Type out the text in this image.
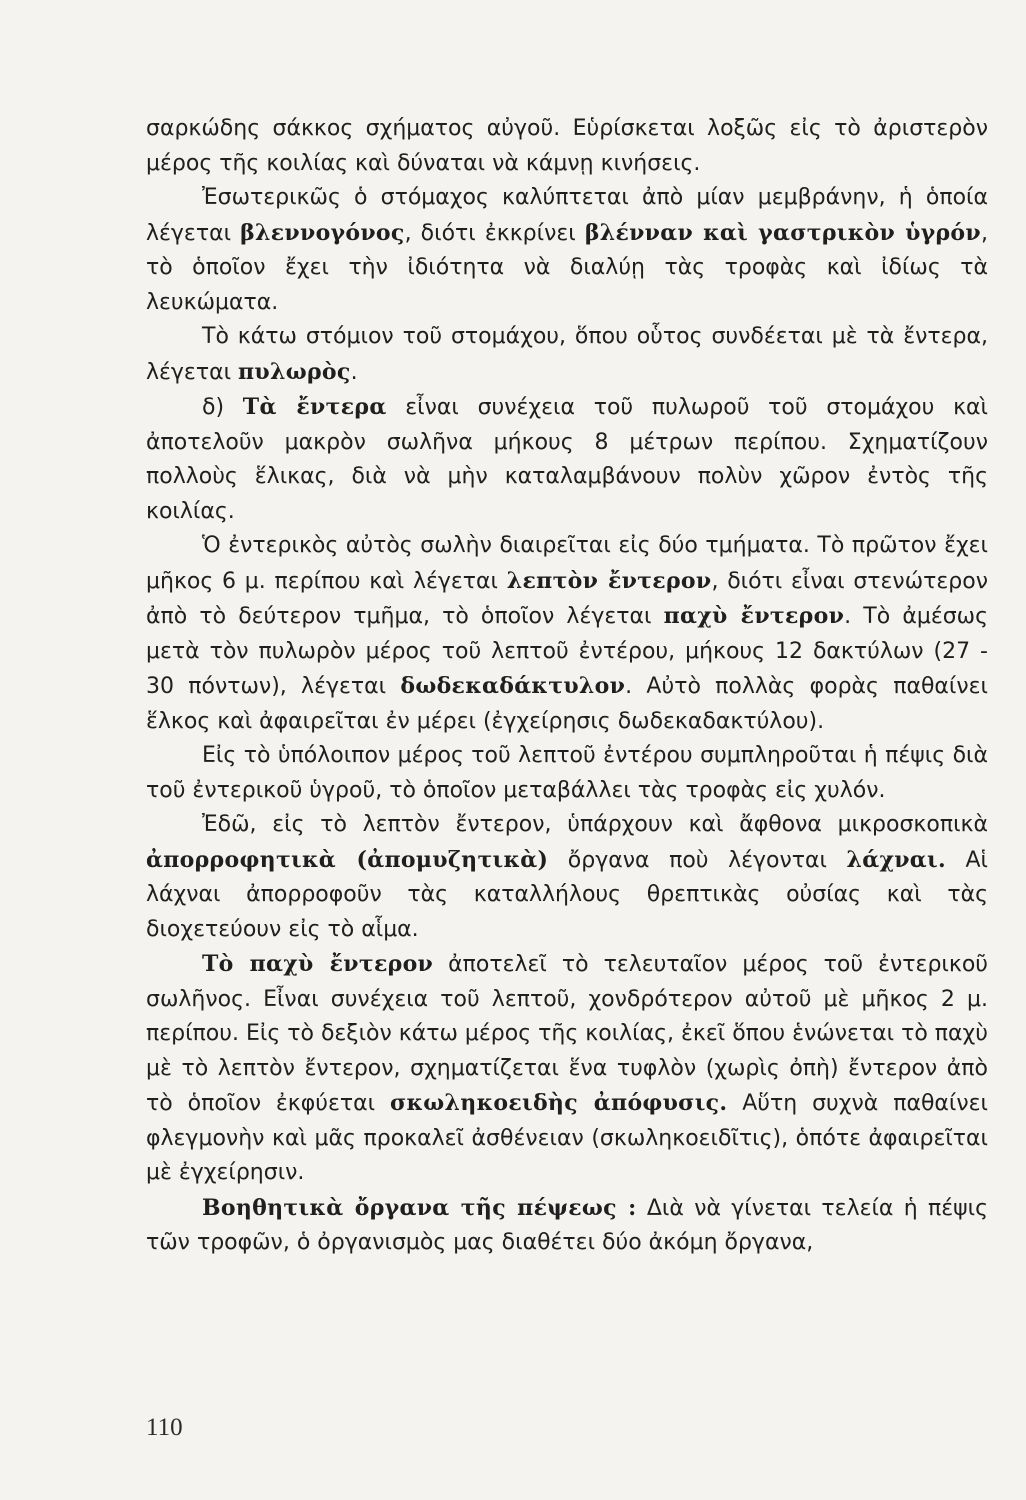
σαρκώδης σάκκος σχήματος αὐγοῦ. Εὑρίσκεται λοξῶς εἰς τὸ ἀριστερὸν μέρος τῆς κοιλίας καὶ δύναται νὰ κάμνῃ κινήσεις.

Ἐσωτερικῶς ὁ στόμαχος καλύπτεται ἀπὸ μίαν μεμβράνην, ἡ ὁποία λέγεται βλεννογόνος, διότι ἐκκρίνει βλένναν καὶ γαστρικὸν ὑγρόν, τὸ ὁποῖον ἔχει τὴν ἰδιότητα νὰ διαλύῃ τὰς τροφὰς καὶ ἰδίως τὰ λευκώματα.

Τὸ κάτω στόμιον τοῦ στομάχου, ὅπου οὗτος συνδέεται μὲ τὰ ἔντερα, λέγεται πυλωρὸς.

δ) Τὰ ἔντερα εἶναι συνέχεια τοῦ πυλωροῦ τοῦ στομάχου καὶ ἀποτελοῦν μακρὸν σωλῆνα μήκους 8 μέτρων περίπου. Σχηματίζουν πολλοὺς ἕλικας, διὰ νὰ μὴν καταλαμβάνουν πολὺν χῶρον ἐντὸς τῆς κοιλίας.

Ὁ ἐντερικὸς αὐτὸς σωλὴν διαιρεῖται εἰς δύο τμήματα. Τὸ πρῶτον ἔχει μῆκος 6 μ. περίπου καὶ λέγεται λεπτὸν ἔντερον, διότι εἶναι στενώτερον ἀπὸ τὸ δεύτερον τμῆμα, τὸ ὁποῖον λέγεται παχὺ ἔντερον. Τὸ ἀμέσως μετὰ τὸν πυλωρὸν μέρος τοῦ λεπτοῦ ἐντέρου, μήκους 12 δακτύλων (27 - 30 πόντων), λέγεται δωδεκαδάκτυλον. Αὐτὸ πολλὰς φορὰς παθαίνει ἕλκος καὶ ἀφαιρεῖται ἐν μέρει (ἐγχείρησις δωδεκαδακτύλου).

Εἰς τὸ ὑπόλοιπον μέρος τοῦ λεπτοῦ ἐντέρου συμπληροῦται ἡ πέψις διὰ τοῦ ἐντερικοῦ ὑγροῦ, τὸ ὁποῖον μεταβάλλει τὰς τροφὰς εἰς χυλόν.

Ἐδῶ, εἰς τὸ λεπτὸν ἔντερον, ὑπάρχουν καὶ ἄφθονα μικροσκοπικὰ ἀπορροφητικὰ (ἀπομυζητικὰ) ὄργανα ποὺ λέγονται λάχναι. Αἱ λάχναι ἀπορροφοῦν τὰς καταλλήλους θρεπτικὰς οὐσίας καὶ τὰς διοχετεύουν εἰς τὸ αἷμα.

Τὸ παχὺ ἔντερον ἀποτελεῖ τὸ τελευταῖον μέρος τοῦ ἐντερικοῦ σωλῆνος. Εἶναι συνέχεια τοῦ λεπτοῦ, χονδρότερον αὐτοῦ μὲ μῆκος 2 μ. περίπου. Εἰς τὸ δεξιὸν κάτω μέρος τῆς κοιλίας, ἐκεῖ ὅπου ἑνώνεται τὸ παχὺ μὲ τὸ λεπτὸν ἔντερον, σχηματίζεται ἕνα τυφλὸν (χωρὶς ὀπὴ) ἔντερον ἀπὸ τὸ ὁποῖον ἐκφύεται σκωληκοειδὴς ἀπόφυσις. Αὕτη συχνὰ παθαίνει φλεγμονὴν καὶ μᾶς προκαλεῖ ἀσθένειαν (σκωληκοειδῖτις), ὁπότε ἀφαιρεῖται μὲ ἐγχείρησιν.

Βοηθητικὰ ὄργανα τῆς πέψεως : Διὰ νὰ γίνεται τελεία ἡ πέψις τῶν τροφῶν, ὁ ὀργανισμὸς μας διαθέτει δύο ἀκόμη ὄργανα,

110
